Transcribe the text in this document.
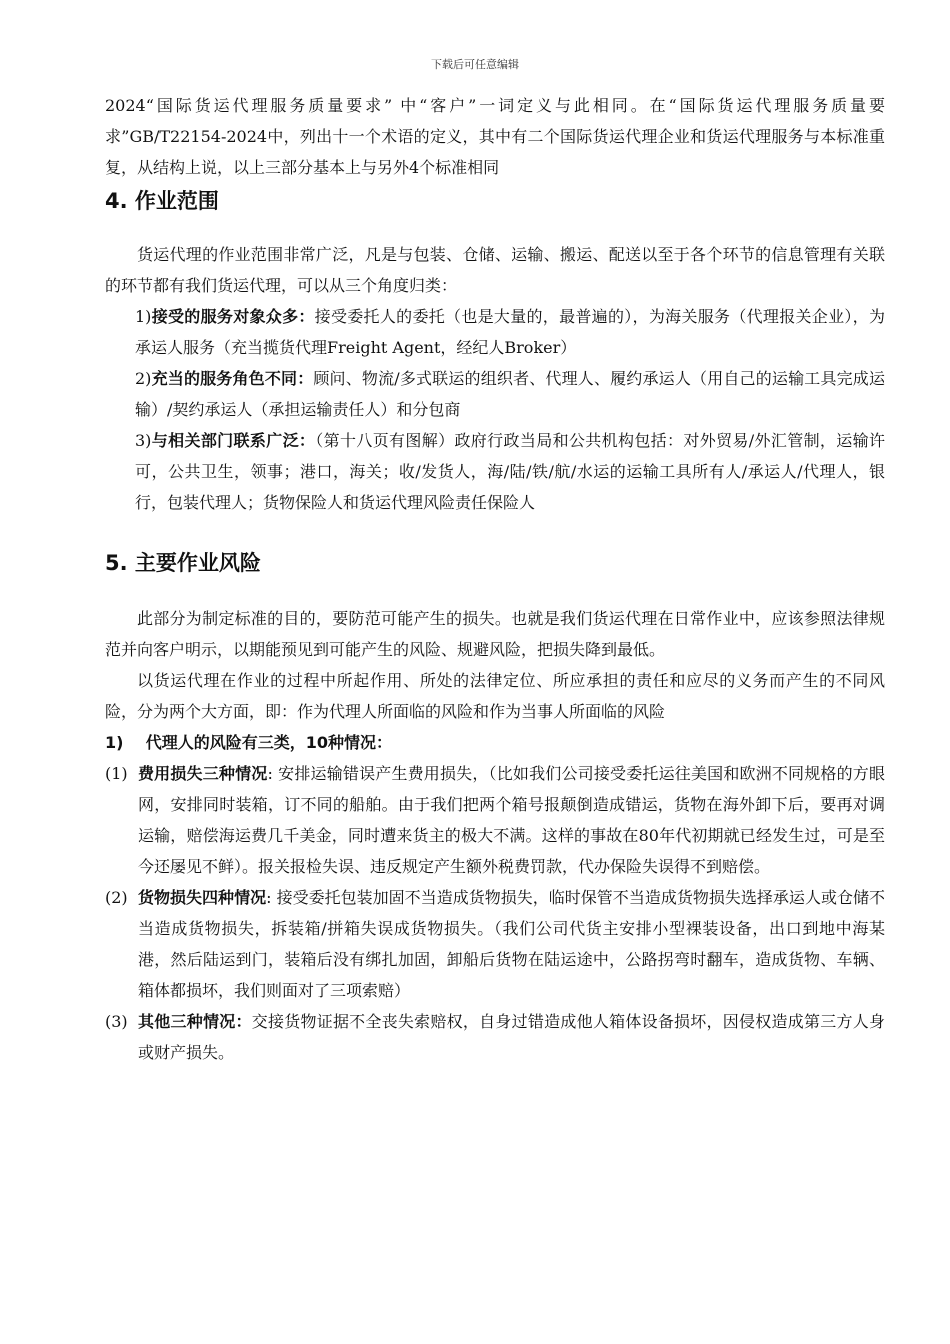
下载后可任意编辑

2024“国际货运代理服务质量要求” 中“客户”一词定义与此相同。在“国际货运代理服务质量要求”GB/T22154-2024中，列出十一个术语的定义，其中有二个国际货运代理企业和货运代理服务与本标准重复，从结构上说，以上三部分基本上与另外4个标准相同

4. 作业范围

货运代理的作业范围非常广泛，凡是与包装、仓储、运输、搬运、配送以至于各个环节的信息管理有关联的环节都有我们货运代理，可以从三个角度归类：

1)接受的服务对象众多：接受委托人的委托（也是大量的，最普遍的），为海关服务（代理报关企业），为承运人服务（充当揽货代理Freight Agent，经纪人Broker）

2)充当的服务角色不同：顾问、物流/多式联运的组织者、代理人、履约承运人（用自己的运输工具完成运输）/契约承运人（承担运输责任人）和分包商

3)与相关部门联系广泛：（第十八页有图解）政府行政当局和公共机构包括：对外贸易/外汇管制，运输许可，公共卫生，领事；港口，海关；收/发货人，海/陆/铁/航/水运的运输工具所有人/承运人/代理人，银行，包装代理人；货物保险人和货运代理风险责任保险人

5. 主要作业风险

此部分为制定标准的目的，要防范可能产生的损失。也就是我们货运代理在日常作业中，应该参照法律规范并向客户明示，以期能预见到可能产生的风险、规避风险，把损失降到最低。

以货运代理在作业的过程中所起作用、所处的法律定位、所应承担的责任和应尽的义务而产生的不同风险，分为两个大方面，即：作为代理人所面临的风险和作为当事人所面临的风险

1) 代理人的风险有三类，10种情况：

(1) 费用损失三种情况: 安排运输错误产生费用损失，（比如我们公司接受委托运往美国和欧洲不同规格的方眼网，安排同时装箱，订不同的船舶。由于我们把两个箱号报颠倒造成错运，货物在海外卸下后，要再对调运输，赔偿海运费几千美金，同时遭来货主的极大不满。这样的事故在80年代初期就已经发生过，可是至今还屡见不鲜）。报关报检失误、违反规定产生额外税费罚款，代办保险失误得不到赔偿。
(2) 货物损失四种情况: 接受委托包装加固不当造成货物损失，临时保管不当造成货物损失选择承运人或仓储不当造成货物损失，拆装箱/拼箱失误成货物损失。（我们公司代货主安排小型裸装设备，出口到地中海某港，然后陆运到门，装箱后没有绑扎加固，卸船后货物在陆运途中，公路拐弯时翻车，造成货物、车辆、箱体都损坏，我们则面对了三项索赔）
(3) 其他三种情况：交接货物证据不全丧失索赔权，自身过错造成他人箱体设备损坏，因侵权造成第三方人身或财产损失。
